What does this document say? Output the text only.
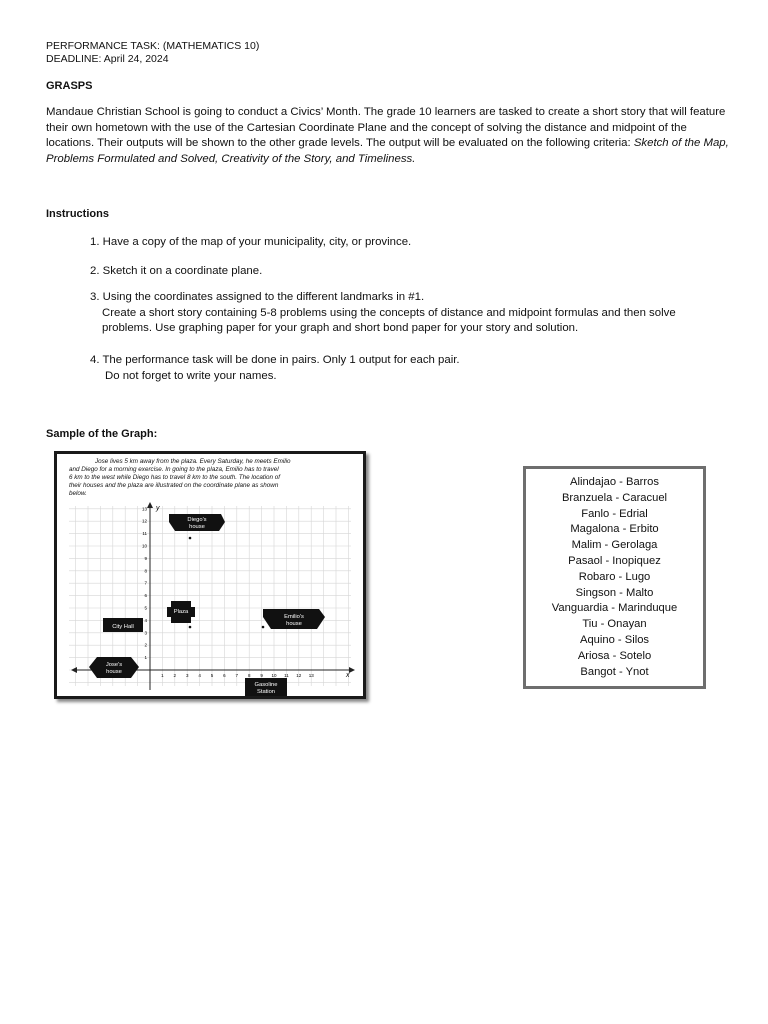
PERFORMANCE TASK: (MATHEMATICS 10)
DEADLINE: April 24, 2024
GRASPS
Mandaue Christian School is going to conduct a Civics’ Month. The grade 10 learners are tasked to create a short story that will feature their own hometown with the use of the Cartesian Coordinate Plane and the concept of solving the distance and midpoint of the locations. Their outputs will be shown to the other grade levels. The output will be evaluated on the following criteria: Sketch of the Map, Problems Formulated and Solved, Creativity of the Story, and Timeliness.
Instructions
1. Have a copy of the map of your municipality, city, or province.
2. Sketch it on a coordinate plane.
3. Using the coordinates assigned to the different landmarks in #1.
Create a short story containing 5-8 problems using the concepts of distance and midpoint formulas and then solve problems. Use graphing paper for your graph and short bond paper for your story and solution.
4. The performance task will be done in pairs. Only 1 output for each pair.
Do not forget to write your names.
Sample of the Graph:
Jose lives 5 km away from the plaza. Every Saturday, he meets Emilio
and Diego for a morning exercise. In going to the plaza, Emilio has to travel
6 km to the west while Diego has to travel 8 km to the south. The location of
their houses and the plaza are illustrated on the coordinate plane as shown
below.
y
x
1 2 3 4 5 6 7 8 9 10 11 12 13
1
2
3
4
5
6
7
8
9
10
11
12
13
Diego's
house
Plaza
City Hall
Emilio's
house
Jose's
house
Gasoline
Station
Alindajao - Barros
Branzuela - Caracuel
Fanlo - Edrial
Magalona - Erbito
Malim - Gerolaga
Pasaol - Inopiquez
Robaro - Lugo
Singson - Malto
Vanguardia - Marinduque
Tiu - Onayan
Aquino - Silos
Ariosa - Sotelo
Bangot - Ynot
